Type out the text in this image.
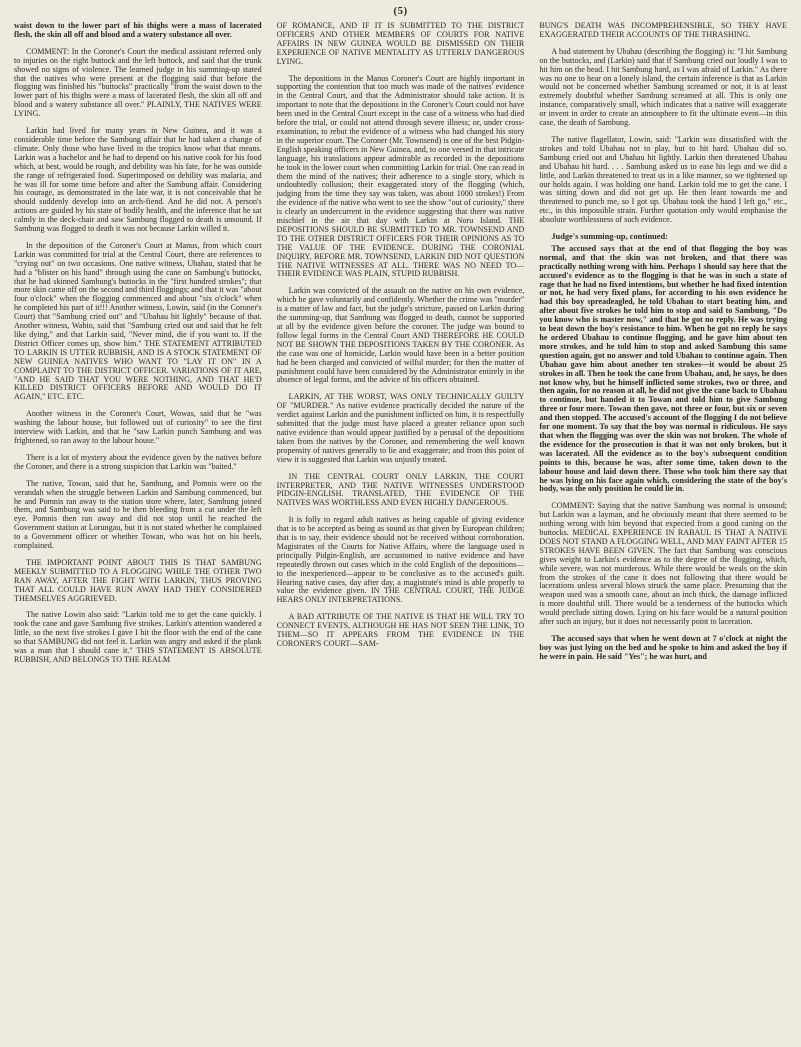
(5)

waist down to the lower part of his thighs were a mass of lacerated flesh, the skin all off and blood and a watery substance all over.

COMMENT: In the Coroner's Court the medical assistant referred only to injuries on the right buttock and the left buttock, and said that the trunk showed no signs of violence. The learned judge in his summing-up stated that the natives who were present at the flogging said that before the flogging was finished his "buttocks" practically "from the waist down to the lower part of his thighs were a mass of lacerated flesh, the skin all off and blood and a watery substance all over." PLAINLY, THE NATIVES WERE LYING.

Larkin had lived for many years in New Guinea, and it was a considerable time before the Sambung affair that he had taken a change of climate. Only those who have lived in the tropics know what that means. Larkin was a bachelor and he had to depend on his native cook for his food which, at best, would be rough, and debility was his fate, for he was outside the range of refrigerated food. Superimposed on debility was malaria, and he was ill for some time before and after the Sambung affair. Considering his courage, as demonstrated in the late war, it is not conceivable that he should suddenly develop into an arch-fiend. And he did not. A person's actions are guided by his state of bodily health, and the inference that he sat calmly in the deck-chair and saw Sambung flogged to death is unsound. If Sambung was flogged to death it was not because Larkin willed it.

In the deposition of the Coroner's Court at Manus, from which court Larkin was committed for trial at the Central Court, there are references to "crying out" on two occasions. One native witness, Ubahau, stated that he had a "blister on his hand" through using the cane on Sambung's buttocks, that he had skinned Sambung's buttocks in the "first hundred strokes"; that more skin came off on the second and third floggings; and that it was "about four o'clock" when the flogging commenced and about "six o'clock" when he completed his part of it!!! Another witness, Lowin, said (in the Coroner's Court) that "Sambung cried out" and "Ubahau hit lightly" because of that. Another witness, Wabio, said that "Sambung cried out and said that he felt like dying," and that Larkin said, "Never mind, die if you want to. If the District Officer comes up, show him." THE STATEMENT ATTRIBUTED TO LARKIN IS UTTER RUBBISH, AND IS A STOCK STATEMENT OF NEW GUINEA NATIVES WHO WANT TO "LAY IT ON" IN A COMPLAINT TO THE DISTRICT OFFICER. VARIATIONS OF IT ARE, "AND HE SAID THAT YOU WERE NOTHING, AND THAT HE'D KILLED DISTRICT OFFICERS BEFORE AND WOULD DO IT AGAIN," ETC. ETC.

Another witness in the Coroner's Court, Wowas, said that he "was washing the labour house, but followed out of curiosity" to see the first interview with Larkin, and that he "saw Larkin punch Sambung and was frightened, so ran away to the labour house."

There is a lot of mystery about the evidence given by the natives before the Coroner, and there is a strong suspicion that Larkin was "baited."

The native, Towan, said that he, Sambung, and Pomnis were on the verandah when the struggle between Larkin and Sambung commenced, but he and Pomnis ran away to the station store where, later, Sambung joined them, and Sambung was said to be then bleeding from a cut under the left eye. Pomnis then ran away and did not stop until he reached the Government station at Lorungau, but it is not stated whether he complained to a Government officer or whether Towan, who was hot on his heels, complained.

THE IMPORTANT POINT ABOUT THIS IS THAT SAMBUNG MEEKLY SUBMITTED TO A FLOGGING WHILE THE OTHER TWO RAN AWAY, AFTER THE FIGHT WITH LARKIN, THUS PROVING THAT ALL COULD HAVE RUN AWAY HAD THEY CONSIDERED THEMSELVES AGGRIEVED.

The native Lowin also said: "Larkin told me to get the cane quickly. I took the cane and gave Sambung five strokes. Larkin's attention wandered a little, so the next five strokes I gave I hit the floor with the end of the cane so that SAMBUNG did not feel it. Larkin was angry and asked if the plank was a man that I should cane it." THIS STATEMENT IS ABSOLUTE RUBBISH, AND BELONGS TO THE REALM

OF ROMANCE, AND IF IT IS SUBMITTED TO THE DISTRICT OFFICERS AND OTHER MEMBERS OF COURTS FOR NATIVE AFFAIRS IN NEW GUINEA WOULD BE DISMISSED ON THEIR EXPERIENCE OF NATIVE MENTALITY AS UTTERLY DANGEROUS LYING.

The depositions in the Manus Coroner's Court are highly important in supporting the contention that too much was made of the natives' evidence in the Central Court, and that the Administrator should take action. It is important to note that the depositions in the Coroner's Court could not have been used in the Central Court except in the case of a witness who had died before the trial, or could not attend through severe illness; or, under cross-examination, to rebut the evidence of a witness who had changed his story in the superior court. The Coroner (Mr. Townsend) is one of the best Pidgin-English speaking officers in New Guinea, and, to one versed in that intricate language, his translations appear admirable as recorded in the depositions he took in the lower court when committing Larkin for trial. One can read in them the mind of the natives; their adherence to a single story, which is undoubtedly collusion; their exaggerated story of the flogging (which, judging from the time they say was taken, was about 1000 strokes!) From the evidence of the native who went to see the show "out of curiosity," there is clearly an undercurrent in the evidence suggesting that there was native mischief in the air that day with Larkin at Noru Island. THE DEPOSITIONS SHOULD BE SUBMITTED TO MR. TOWNSEND AND TO THE OTHER DISTRICT OFFICERS FOR THEIR OPINIONS AS TO THE VALUE OF THE EVIDENCE. DURING THE CORONIAL INQUIRY, BEFORE MR. TOWNSEND, LARKIN DID NOT QUESTION THE NATIVE WITNESSES AT ALL. THERE WAS NO NEED TO—THEIR EVIDENCE WAS PLAIN, STUPID RUBBISH.

Larkin was convicted of the assault on the native on his own evidence, which he gave voluntarily and confidently. Whether the crime was "murder" is a matter of law and fact, but the judge's stricture, passed on Larkin during the summing-up, that Sambung was flogged to death, cannot be supported at all by the evidence given before the coroner. The judge was bound to follow legal forms in the Central Court AND THEREFORE HE COULD NOT BE SHOWN THE DEPOSITIONS TAKEN BY THE CORONER. As the case was one of homicide, Larkin would have been in a better position had he been charged and convicted of wilful murder; for then the matter of punishment could have been considered by the Administrator entirely in the absence of legal forms, and the advice of his officers obtained.

LARKIN, AT THE WORST, WAS ONLY TECHNICALLY GUILTY OF "MURDER." As native evidence practically decided the nature of the verdict against Larkin and the punishment inflicted on him, it is respectfully submitted that the judge must have placed a greater reliance upon such native evidence than would appear justified by a perusal of the depositions taken from the natives by the Coroner, and remembering the well known propensity of natives generally to lie and exaggerate; and from this point of view it is suggested that Larkin was unjustly treated.

IN THE CENTRAL COURT ONLY LARKIN, THE COURT INTERPRETER, AND THE NATIVE WITNESSES UNDERSTOOD PIDGIN-ENGLISH. TRANSLATED, THE EVIDENCE OF THE NATIVES WAS WORTHLESS AND EVEN HIGHLY DANGEROUS.

It is folly to regard adult natives as being capable of giving evidence that is to be accepted as being as sound as that given by European children; that is to say, their evidence should not be received without corroboration. Magistrates of the Courts for Native Affairs, where the language used is principally Pidgin-English, are accustomed to native evidence and have repeatedly thrown out cases which in the cold English of the depositions—to the inexperienced—appear to be conclusive as to the accused's guilt. Hearing native cases, day after day, a magistrate's mind is able properly to value the evidence given. IN THE CENTRAL COURT, THE JUDGE HEARS ONLY INTERPRETATIONS.

A BAD ATTRIBUTE OF THE NATIVE IS THAT HE WILL TRY TO CONNECT EVENTS, ALTHOUGH HE HAS NOT SEEN THE LINK, TO THEM—SO IT APPEARS FROM THE EVIDENCE IN THE CORONER'S COURT—SAM-

BUNG'S DEATH WAS INCOMPREHENSIBLE, SO THEY HAVE EXAGGERATED THEIR ACCOUNTS OF THE THRASHING.

A bad statement by Ubahau (describing the flogging) is: "I hit Sambung on the buttocks, and (Larkin) said that if Sambung cried out loudly I was to hit him on the head. I hit Sambung hard, as I was afraid of Larkin." As there was no one to hear on a lonely island, the certain inference is that as Larkin would not be concerned whether Sambung screamed or not, it is at least extremely doubtful whether Sambung screamed at all. This is only one instance, comparatively small, which indicates that a native will exaggerate or invent in order to create an atmosphere to fit the ultimate event—in this case, the death of Sambung.

The native flagellator, Lowin, said: "Larkin was dissatisfied with the strokes and told Ubahau not to play, but to hit hard. Ubahau did so. Sambung cried out and Ubahau hit lightly. Larkin then threatened Ubahau and Ubahau hit hard. . . . Sambung asked us to ease his legs and we did a little, and Larkin threatened to treat us in a like manner, so we tightened up our holds again. I was holding one hand. Larkin told me to get the cane. I was sitting down and did not get up. He then leant towards me and threatened to punch me, so I got up. Ubahau took the hand I left go," etc., etc., in this impossible strain. Further quotation only would emphasise the absolute worthlessness of such evidence.

Judge's summing-up, continued:

The accused says that at the end of that flogging the boy was normal, and that the skin was not broken, and that there was practically nothing wrong with him. Perhaps I should say here that the accused's evidence as to the flogging is that he was in such a state of rage that he had no fixed intentions, but whether he had fixed intention or not, he had very fixed plans, for according to his own evidence he had this boy spreadeagled, he told Ubahau to start beating him, and after about five strokes he told him to stop and said to Sambung, "Do you know who is master now," and that he got no reply. He was trying to beat down the boy's resistance to him. When he got no reply he says he ordered Ubahau to continue flogging, and he gave him about ten more strokes, and he told him to stop and asked Sambung this same question again, got no answer and told Ubahau to continue again. Then Ubahau gave him about another ten strokes—it would be about 25 strokes in all. Then he took the cane from Ubahau, and, he says, he does not know why, but he himself inflicted some strokes, two or three, and then again, for no reason at all, he did not give the cane back to Ubahau to continue, but handed it to Towan and told him to give Sambung three or four more. Towan then gave, not three or four, but six or seven and then stopped. The accused's account of the flogging I do not believe for one moment. To say that the boy was normal is ridiculous. He says that when the flogging was over the skin was not broken. The whole of the evidence for the prosecution is that it was not only broken, but it was lacerated. All the evidence as to the boy's subsequent condition points to this, because he was, after some time, taken down to the labour house and laid down there. Those who took him there say that he was lying on his face again which, considering the state of the boy's body, was the only position he could lie in.

COMMENT: Saying that the native Sambung was normal is unsound; but Larkin was a layman, and he obviously meant that there seemed to be nothing wrong with him beyond that expected from a good caning on the buttocks. MEDICAL EXPERIENCE IN RABAUL IS THAT A NATIVE DOES NOT STAND A FLOGGING WELL, AND MAY FAINT AFTER 15 STROKES HAVE BEEN GIVEN. The fact that Sambung was conscious gives weight to Larkin's evidence as to the degree of the flogging, which, while severe, was not murderous. While there would be weals on the skin from the strokes of the cane it does not following that there would be lacerations unless several blows struck the same place. Presuming that the weapon used was a smooth cane, about an inch thick, the damage inflicted is more doubtful still. There would be a tenderness of the buttocks which would preclude sitting down. Lying on his face would be a natural position after such an injury, but it does not necessarily point to laceration.

The accused says that when he went down at 7 o'clock at night the boy was just lying on the bed and he spoke to him and asked the boy if he were in pain. He said "Yes"; he was hurt, and
